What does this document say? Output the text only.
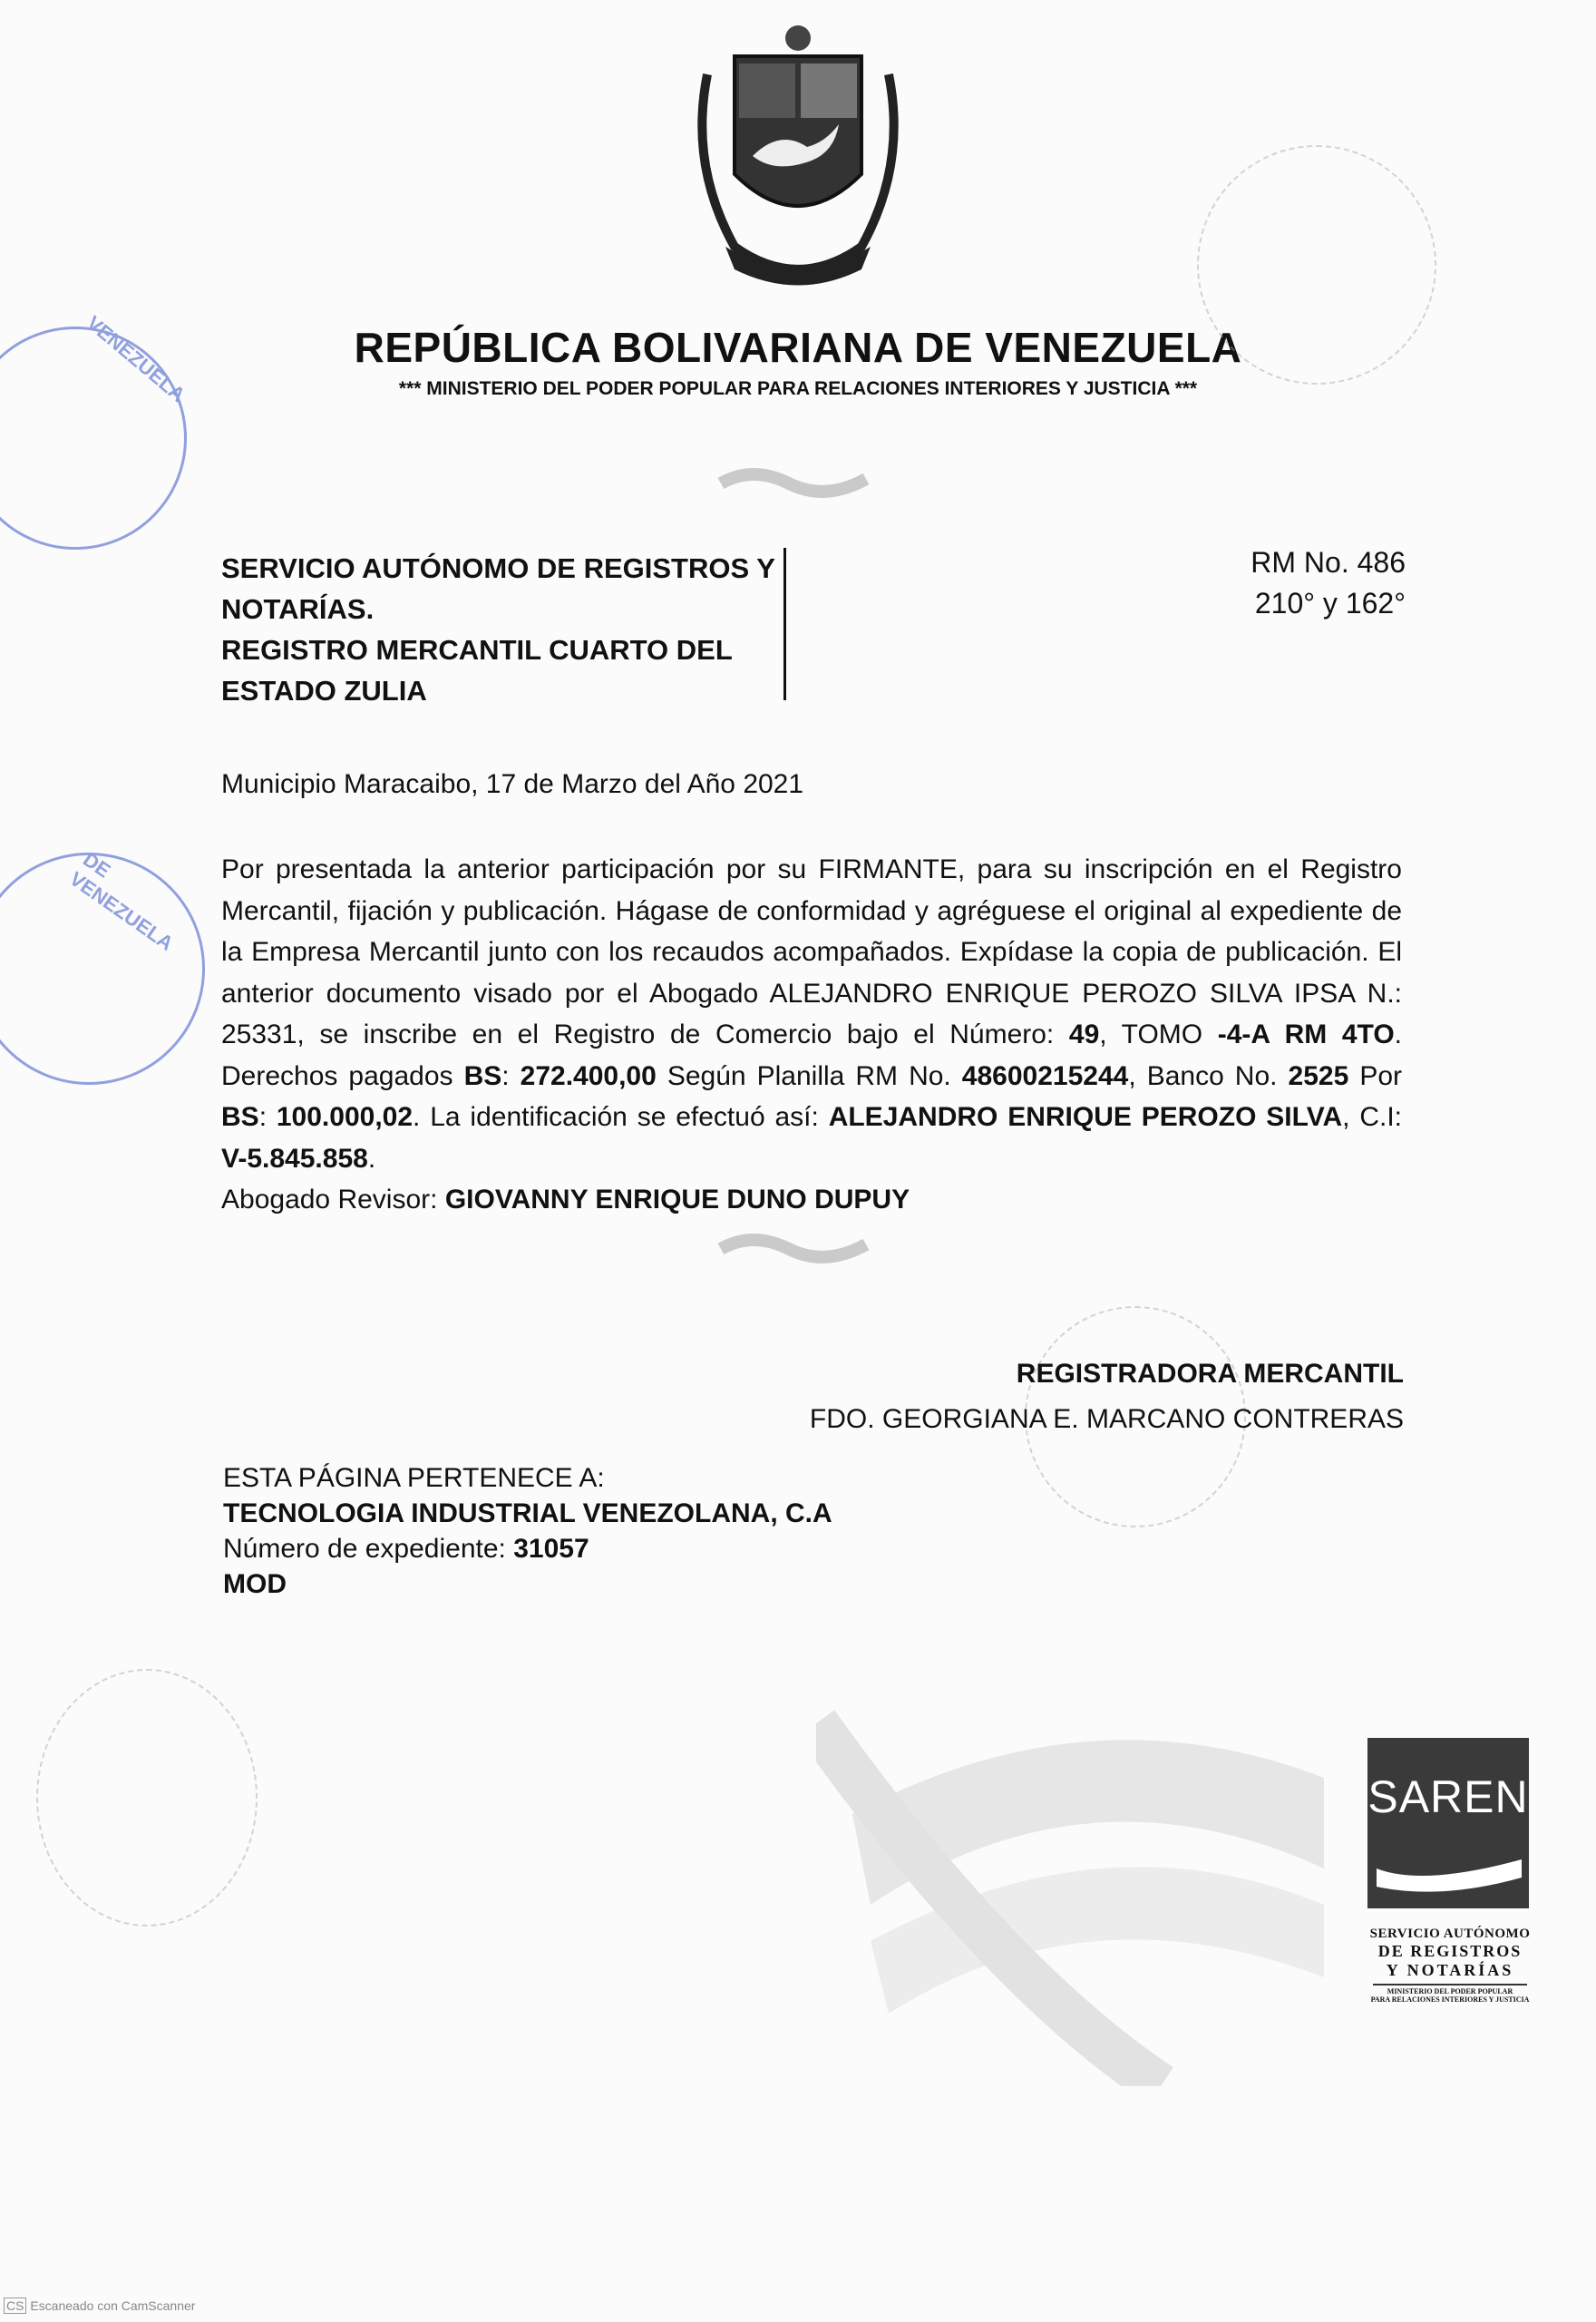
REPÚBLICA BOLIVARIANA DE VENEZUELA
*** MINISTERIO DEL PODER POPULAR PARA RELACIONES INTERIORES Y JUSTICIA ***
VENEZUELA
DE VENEZUELA
SERVICIO AUTÓNOMO DE REGISTROS Y
NOTARÍAS.
REGISTRO MERCANTIL CUARTO DEL
ESTADO ZULIA
RM No. 486
210° y 162°
Municipio Maracaibo, 17 de Marzo del Año 2021
Por presentada la anterior participación por su FIRMANTE, para su inscripción en el Registro Mercantil, fijación y publicación. Hágase de conformidad y agréguese el original al expediente de la Empresa Mercantil junto con los recaudos acompañados. Expídase la copia de publicación. El anterior documento visado por el Abogado ALEJANDRO ENRIQUE PEROZO SILVA IPSA N.: 25331, se inscribe en el Registro de Comercio bajo el Número: 49, TOMO -4-A RM 4TO. Derechos pagados BS: 272.400,00 Según Planilla RM No. 48600215244, Banco No. 2525 Por BS: 100.000,02. La identificación se efectuó así: ALEJANDRO ENRIQUE PEROZO SILVA, C.I: V-5.845.858.
Abogado Revisor: GIOVANNY ENRIQUE DUNO DUPUY
REGISTRADORA MERCANTIL
FDO. GEORGIANA E. MARCANO CONTRERAS
ESTA PÁGINA PERTENECE A:
TECNOLOGIA INDUSTRIAL VENEZOLANA, C.A
Número de expediente: 31057
MOD
SAREN
SERVICIO AUTÓNOMO
DE REGISTROS
Y NOTARÍAS
MINISTERIO DEL PODER POPULAR
PARA RELACIONES INTERIORES Y JUSTICIA
CS Escaneado con CamScanner
